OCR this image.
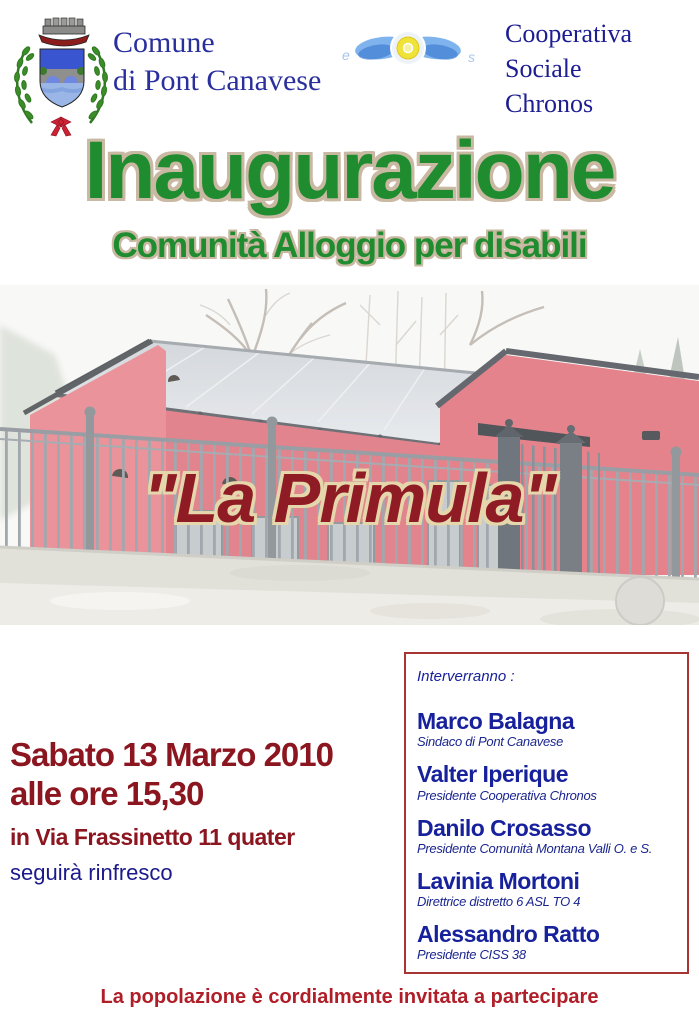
Comune
di Pont Canavese
e	s
Cooperativa
Sociale
Chronos
Inaugurazione
Comunità Alloggio per disabili
"La Primula"
Sabato 13 Marzo 2010
alle ore 15,30
in Via Frassinetto 11 quater
seguirà rinfresco
Interverranno :
Marco Balagna
Sindaco di Pont Canavese
Valter Iperique
Presidente Cooperativa Chronos
Danilo Crosasso
Presidente Comunità Montana Valli O. e S.
Lavinia Mortoni
Direttrice distretto 6 ASL TO 4
Alessandro Ratto
Presidente CISS 38
La popolazione è cordialmente invitata a partecipare
